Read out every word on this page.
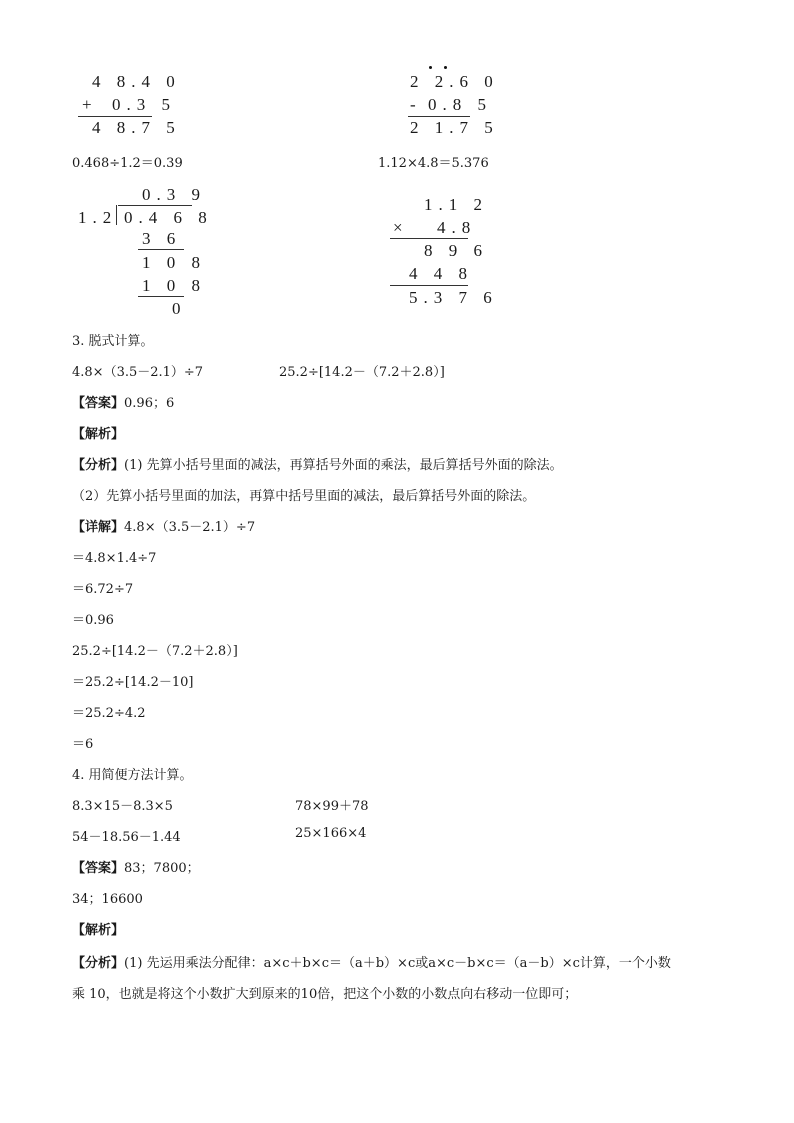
4 8.4 0
+ 0.3 5
4 8.7 5
2 2.6 0
- 0.8 5
2 1.7 5
0.468÷1.2＝0.39	1.12×4.8＝5.376
0.3 9
1.2 0.4 6 8
3 6
1 0 8
1 0 8
0
1.1 2
× 4.8
8 9 6
4 4 8
5.3 7 6
3. 脱式计算。
4.8×（3.5－2.1）÷7	25.2÷[14.2－（7.2＋2.8）]
【答案】0.96；6
【解析】
【分析】(1) 先算小括号里面的减法，再算括号外面的乘法，最后算括号外面的除法。
（2）先算小括号里面的加法，再算中括号里面的减法，最后算括号外面的除法。
【详解】4.8×（3.5－2.1）÷7
＝4.8×1.4÷7
＝6.72÷7
＝0.96
25.2÷[14.2－（7.2＋2.8）]
＝25.2÷[14.2－10]
＝25.2÷4.2
＝6
4. 用简便方法计算。
8.3×15－8.3×5	78×99＋78
54－18.56－1.44	25×166×4
【答案】83；7800；
34；16600
【解析】
【分析】(1) 先运用乘法分配律：a×c＋b×c＝（a＋b）×c或a×c－b×c＝（a－b）×c计算，一个小数
乘 10，也就是将这个小数扩大到原来的10倍，把这个小数的小数点向右移动一位即可；
